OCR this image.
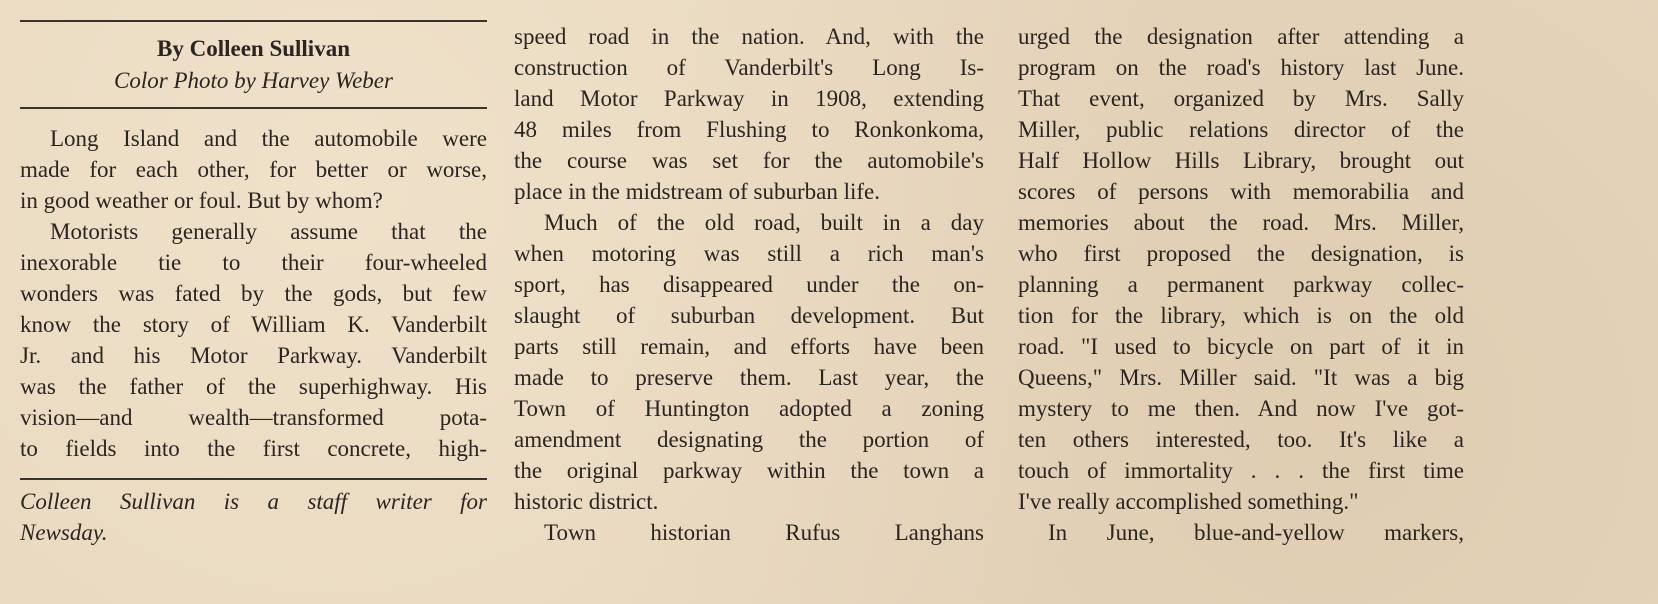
By Colleen Sullivan
Color Photo by Harvey Weber
Long Island and the automobile were
made for each other, for better or worse,
in good weather or foul. But by whom?
Motorists generally assume that the
inexorable tie to their four-wheeled
wonders was fated by the gods, but few
know the story of William K. Vanderbilt
Jr. and his Motor Parkway. Vanderbilt
was the father of the superhighway. His
vision—and wealth—transformed pota-
to fields into the first concrete, high-
Colleen Sullivan is a staff writer for
Newsday.
speed road in the nation. And, with the
construction of Vanderbilt's Long Is-
land Motor Parkway in 1908, extending
48 miles from Flushing to Ronkonkoma,
the course was set for the automobile's
place in the midstream of suburban life.
Much of the old road, built in a day
when motoring was still a rich man's
sport, has disappeared under the on-
slaught of suburban development. But
parts still remain, and efforts have been
made to preserve them. Last year, the
Town of Huntington adopted a zoning
amendment designating the portion of
the original parkway within the town a
historic district.
Town historian Rufus Langhans
urged the designation after attending a
program on the road's history last June.
That event, organized by Mrs. Sally
Miller, public relations director of the
Half Hollow Hills Library, brought out
scores of persons with memorabilia and
memories about the road. Mrs. Miller,
who first proposed the designation, is
planning a permanent parkway collec-
tion for the library, which is on the old
road. "I used to bicycle on part of it in
Queens," Mrs. Miller said. "It was a big
mystery to me then. And now I've got-
ten others interested, too. It's like a
touch of immortality . . . the first time
I've really accomplished something."
In June, blue-and-yellow markers,
